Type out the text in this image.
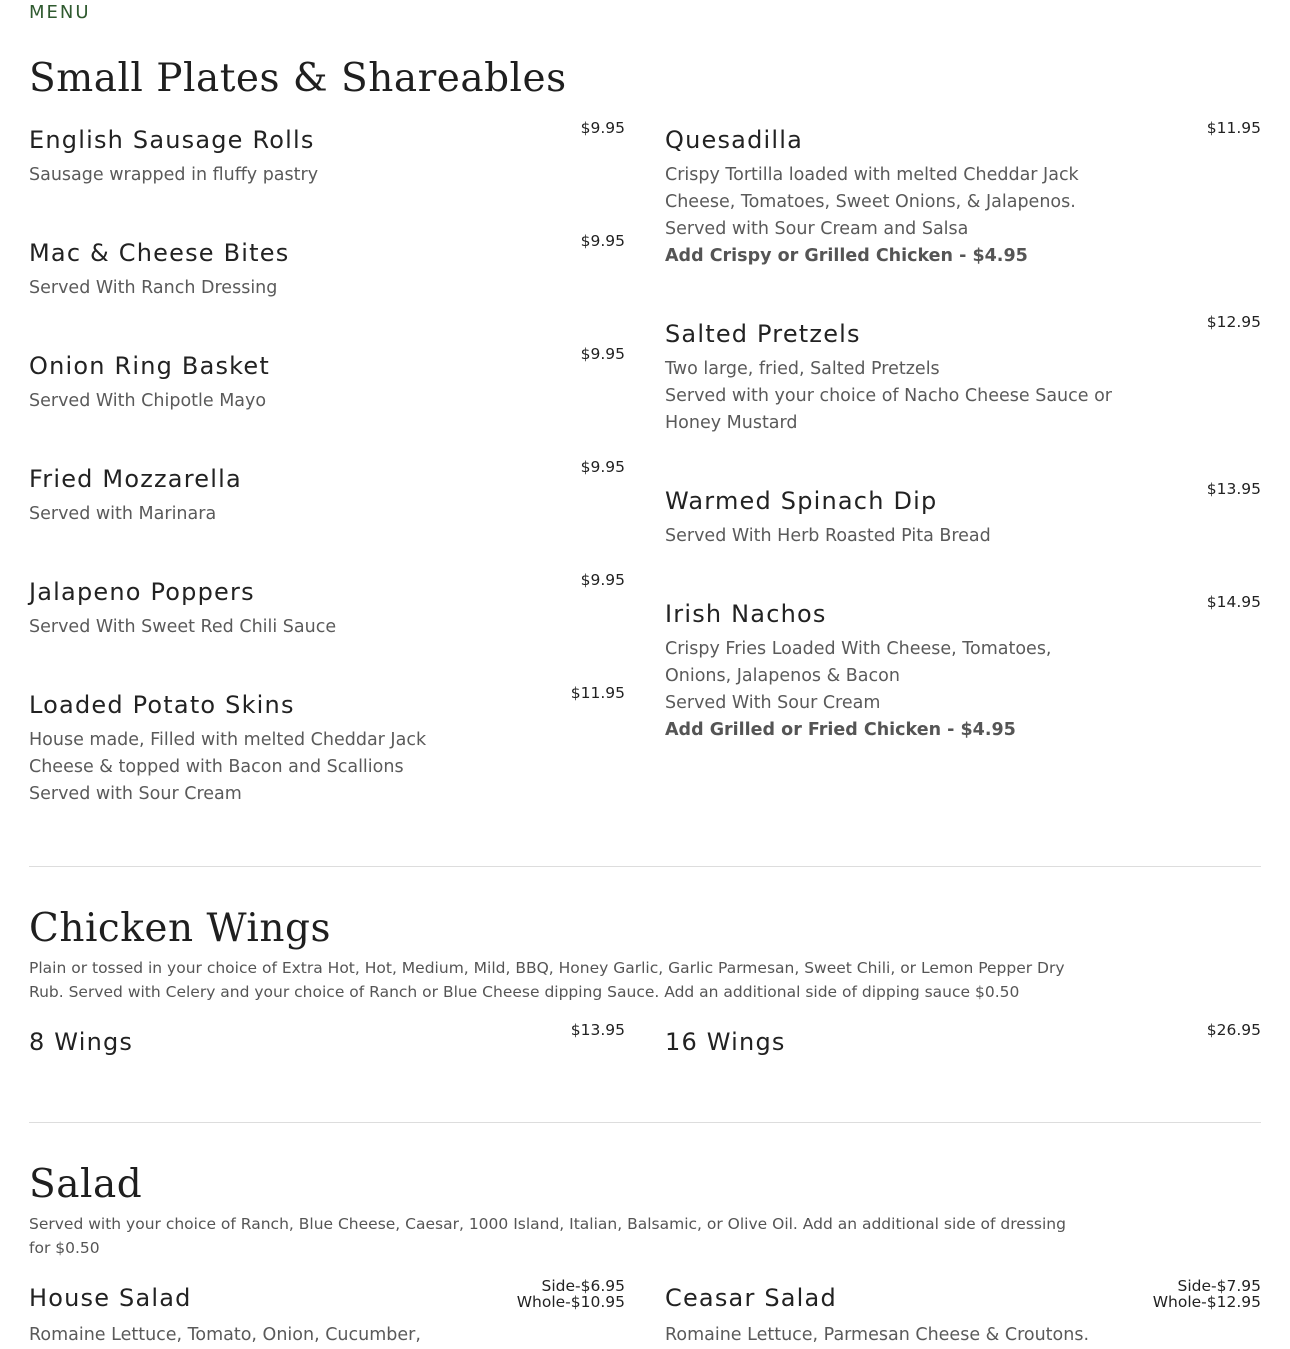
MENU
Small Plates & Shareables
English Sausage Rolls	$9.95
Sausage wrapped in fluffy pastry
Mac & Cheese Bites	$9.95
Served With Ranch Dressing
Onion Ring Basket	$9.95
Served With Chipotle Mayo
Fried Mozzarella	$9.95
Served with Marinara
Jalapeno Poppers	$9.95
Served With Sweet Red Chili Sauce
Loaded Potato Skins	$11.95
House made, Filled with melted Cheddar Jack
Cheese & topped with Bacon and Scallions
Served with Sour Cream
Quesadilla	$11.95
Crispy Tortilla loaded with melted Cheddar Jack
Cheese, Tomatoes, Sweet Onions, & Jalapenos.
Served with Sour Cream and Salsa
Add Crispy or Grilled Chicken - $4.95
Salted Pretzels	$12.95
Two large, fried, Salted Pretzels
Served with your choice of Nacho Cheese Sauce or
Honey Mustard
Warmed Spinach Dip	$13.95
Served With Herb Roasted Pita Bread
Irish Nachos	$14.95
Crispy Fries Loaded With Cheese, Tomatoes,
Onions, Jalapenos & Bacon
Served With Sour Cream
Add Grilled or Fried Chicken - $4.95
Chicken Wings
Plain or tossed in your choice of Extra Hot, Hot, Medium, Mild, BBQ, Honey Garlic, Garlic Parmesan, Sweet Chili, or Lemon Pepper Dry
Rub. Served with Celery and your choice of Ranch or Blue Cheese dipping Sauce. Add an additional side of dipping sauce $0.50
8 Wings	$13.95 16 Wings	$26.95
Salad
Served with your choice of Ranch, Blue Cheese, Caesar, 1000 Island, Italian, Balsamic, or Olive Oil. Add an additional side of dressing
for $0.50
House Salad	Side-$6.95
Whole-$10.95
Romaine Lettuce, Tomato, Onion, Cucumber,
Ceasar Salad	Side-$7.95
Whole-$12.95
Romaine Lettuce, Parmesan Cheese & Croutons.
